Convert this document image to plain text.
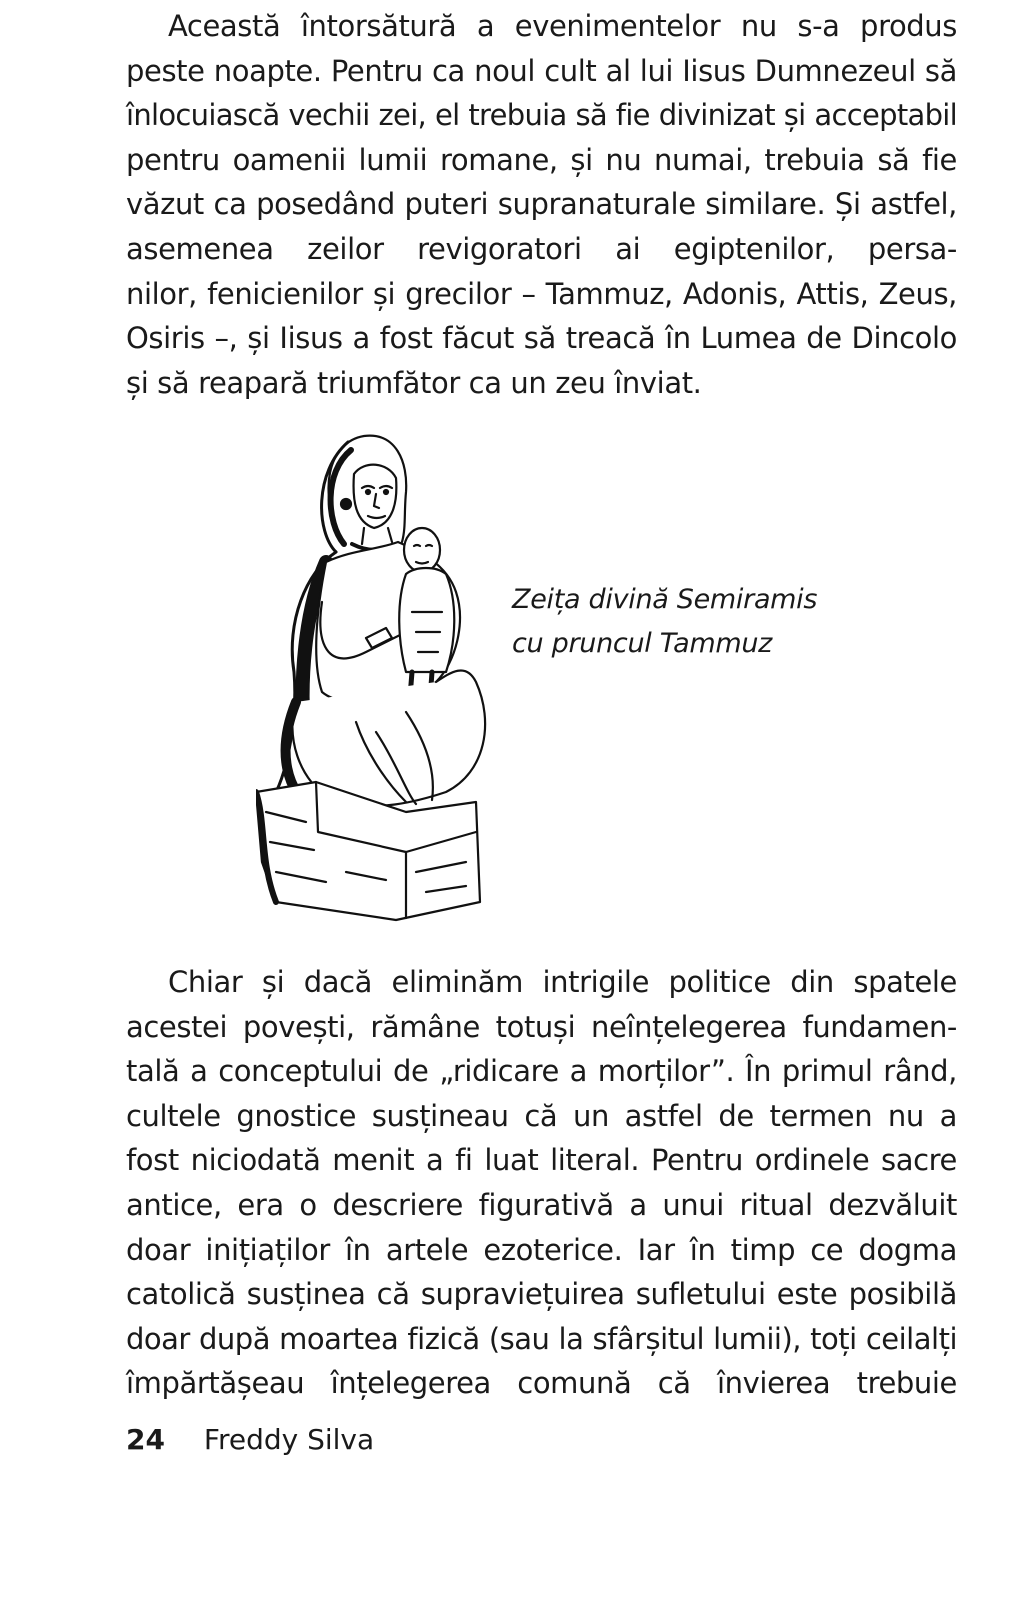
Această întorsătură a evenimentelor nu s-a produs
peste noapte. Pentru ca noul cult al lui Iisus Dumnezeul să
înlocuiască vechii zei, el trebuia să fie divinizat și acceptabil
pentru oamenii lumii romane, și nu numai, trebuia să fie
văzut ca posedând puteri supranaturale similare. Și astfel,
asemenea zeilor revigoratori ai egiptenilor, persa-
nilor, fenicienilor și grecilor – Tammuz, Adonis, Attis, Zeus,
Osiris –, și Iisus a fost făcut să treacă în Lumea de Dincolo
și să reapară triumfător ca un zeu înviat.
Zeița divină Semiramis
cu pruncul Tammuz
Chiar și dacă eliminăm intrigile politice din spatele
acestei povești, rămâne totuși neînțelegerea fundamen-
tală a conceptului de „ridicare a morților”. În primul rând,
cultele gnostice susțineau că un astfel de termen nu a
fost niciodată menit a fi luat literal. Pentru ordinele sacre
antice, era o descriere figurativă a unui ritual dezvăluit
doar inițiaților în artele ezoterice. Iar în timp ce dogma
catolică susținea că supraviețuirea sufletului este posibilă
doar după moartea fizică (sau la sfârșitul lumii), toți ceilalți
împărtășeau înțelegerea comună că învierea trebuie
24 Freddy Silva
